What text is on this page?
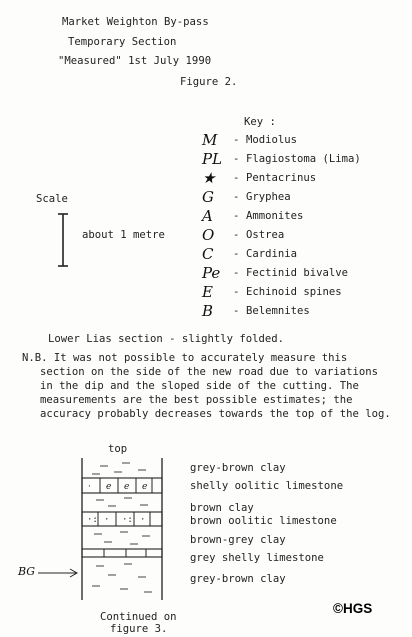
Market Weighton By-pass
Temporary Section
"Measured" 1st July 1990
Figure 2.
Key :
M - Modiolus
PL - Flagiostoma (Lima)
★ - Pentacrinus
G - Gryphea
A - Ammonites
O - Ostrea
C - Cardinia
Pe - Fectinid bivalve
E - Echinoid spines
B - Belemnites
Scale
about 1 metre
Lower Lias section - slightly folded.
N.B. It was not possible to accurately measure this
section on the side of the new road due to variations
in the dip and the sloped side of the cutting. The
measurements are the best possible estimates; the
accuracy probably decreases towards the top of the log.
· e e e
·: · ·: ·
top
BG
grey-brown clay
shelly oolitic limestone
brown clay
brown oolitic limestone
brown-grey clay
grey shelly limestone
grey-brown clay
Continued on
figure 3.
©HGS
